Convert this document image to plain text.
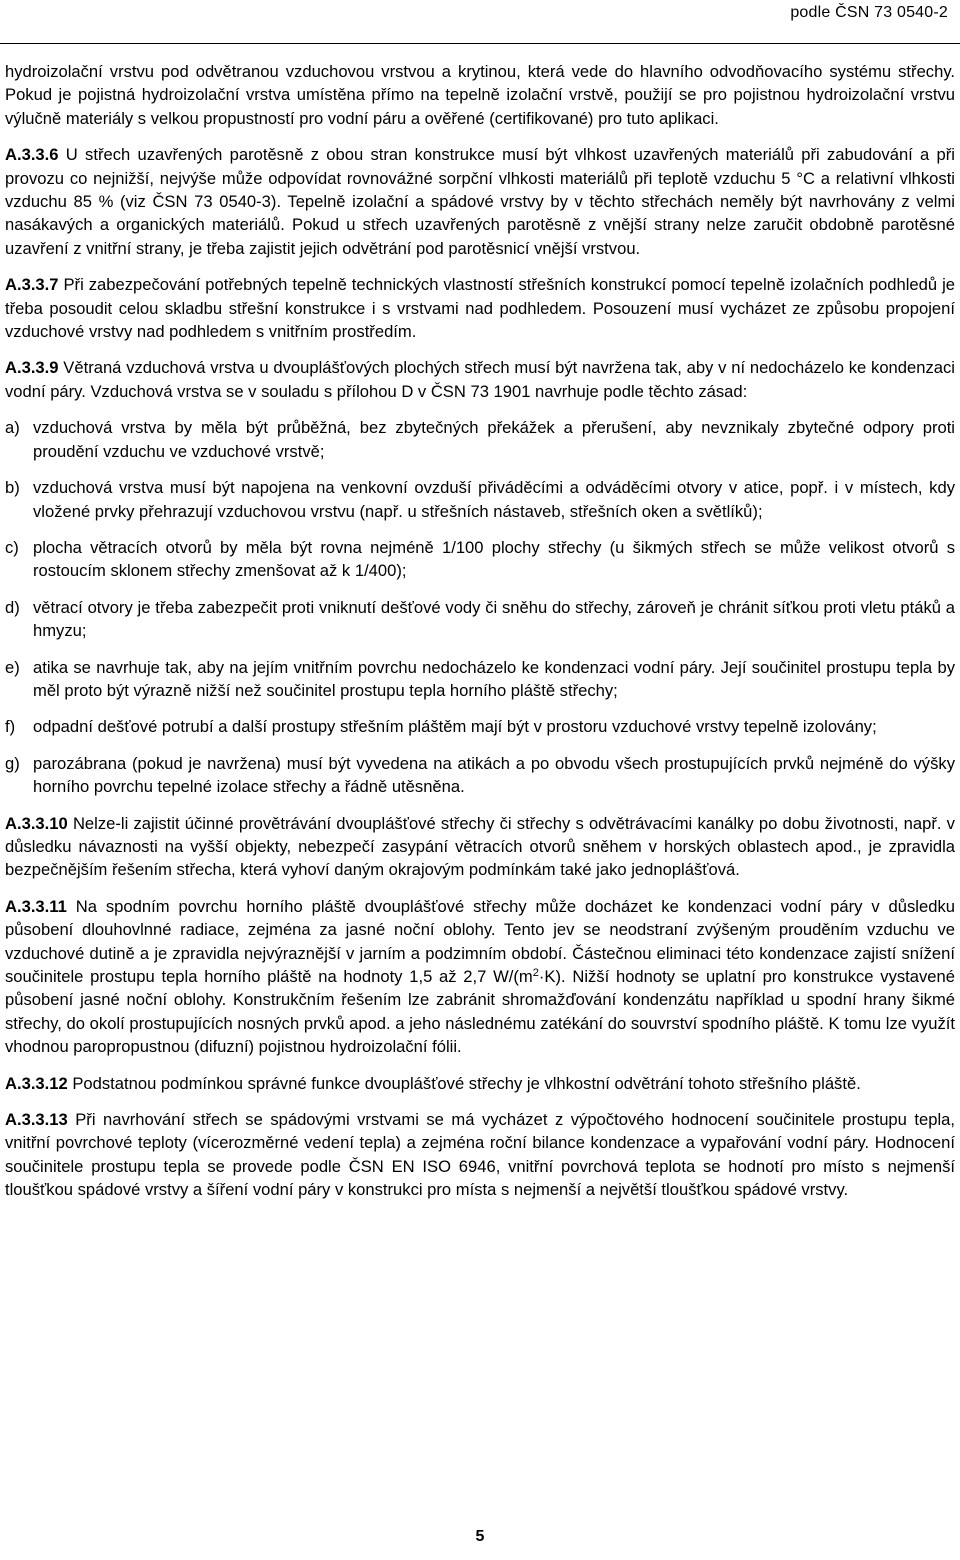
podle ČSN 73 0540-2

hydroizolační vrstvu pod odvětranou vzduchovou vrstvou a krytinou, která vede do hlavního odvodňovacího systému střechy. Pokud je pojistná hydroizolační vrstva umístěna přímo na tepelně izolační vrstvě, použijí se pro pojistnou hydroizolační vrstvu výlučně materiály s velkou propustností pro vodní páru a ověřené (certifikované) pro tuto aplikaci.

A.3.3.6 U střech uzavřených parotěsně z obou stran konstrukce musí být vlhkost uzavřených materiálů při zabudování a při provozu co nejnižší, nejvýše může odpovídat rovnovážné sorpční vlhkosti materiálů při teplotě vzduchu 5 °C a relativní vlhkosti vzduchu 85 % (viz ČSN 73 0540-3). Tepelně izolační a spádové vrstvy by v těchto střechách neměly být navrhovány z velmi nasákavých a organických materiálů. Pokud u střech uzavřených parotěsně z vnější strany nelze zaručit obdobně parotěsné uzavření z vnitřní strany, je třeba zajistit jejich odvětrání pod parotěsnicí vnější vrstvou.

A.3.3.7 Při zabezpečování potřebných tepelně technických vlastností střešních konstrukcí pomocí tepelně izolačních podhledů je třeba posoudit celou skladbu střešní konstrukce i s vrstvami nad podhledem. Posouzení musí vycházet ze způsobu propojení vzduchové vrstvy nad podhledem s vnitřním prostředím.

A.3.3.9 Větraná vzduchová vrstva u dvouplášťových plochých střech musí být navržena tak, aby v ní nedocházelo ke kondenzaci vodní páry. Vzduchová vrstva se v souladu s přílohou D v ČSN 73 1901 navrhuje podle těchto zásad:

a) vzduchová vrstva by měla být průběžná, bez zbytečných překážek a přerušení, aby nevznikaly zbytečné odpory proti proudění vzduchu ve vzduchové vrstvě;
b) vzduchová vrstva musí být napojena na venkovní ovzduší přiváděcími a odváděcími otvory v atice, popř. i v místech, kdy vložené prvky přehrazují vzduchovou vrstvu (např. u střešních nástaveb, střešních oken a světlíků);
c) plocha větracích otvorů by měla být rovna nejméně 1/100 plochy střechy (u šikmých střech se může velikost otvorů s rostoucím sklonem střechy zmenšovat až k 1/400);
d) větrací otvory je třeba zabezpečit proti vniknutí dešťové vody či sněhu do střechy, zároveň je chránit síťkou proti vletu ptáků a hmyzu;
e) atika se navrhuje tak, aby na jejím vnitřním povrchu nedocházelo ke kondenzaci vodní páry. Její součinitel prostupu tepla by měl proto být výrazně nižší než součinitel prostupu tepla horního pláště střechy;
f)	odpadní dešťové potrubí a další prostupy střešním pláštěm mají být v prostoru vzduchové vrstvy tepelně izolovány;
g) parozábrana (pokud je navržena) musí být vyvedena na atikách a po obvodu všech prostupujících prvků nejméně do výšky horního povrchu tepelné izolace střechy a řádně utěsněna.

A.3.3.10 Nelze-li zajistit účinné provětrávání dvouplášťové střechy či střechy s odvětrávacími kanálky po dobu životnosti, např. v důsledku návaznosti na vyšší objekty, nebezpečí zasypání větracích otvorů sněhem v horských oblastech apod., je zpravidla bezpečnějším řešením střecha, která vyhoví daným okrajovým podmínkám také jako jednoplášťová.

A.3.3.11 Na spodním povrchu horního pláště dvouplášťové střechy může docházet ke kondenzaci vodní páry v důsledku působení dlouhovlnné radiace, zejména za jasné noční oblohy. Tento jev se neodstraní zvýšeným prouděním vzduchu ve vzduchové dutině a je zpravidla nejvýraznější v jarním a podzimním období. Částečnou eliminaci této kondenzace zajistí snížení součinitele prostupu tepla horního pláště na hodnoty 1,5 až 2,7 $W/(m^2\cdot K)$. Nižší hodnoty se uplatní pro konstrukce vystavené působení jasné noční oblohy. Konstrukčním řešením lze zabránit shromažďování kondenzátu například u spodní hrany šikmé střechy, do okolí prostupujících nosných prvků apod. a jeho následnému zatékání do souvrství spodního pláště. K tomu lze využít vhodnou paropropustnou (difuzní) pojistnou hydroizolační fólii.

A.3.3.12 Podstatnou podmínkou správné funkce dvouplášťové střechy je vlhkostní odvětrání tohoto střešního pláště.

A.3.3.13 Při navrhování střech se spádovými vrstvami se má vycházet z výpočtového hodnocení součinitele prostupu tepla, vnitřní povrchové teploty (vícerozměrné vedení tepla) a zejména roční bilance kondenzace a vypařování vodní páry. Hodnocení součinitele prostupu tepla se provede podle ČSN EN ISO 6946, vnitřní povrchová teplota se hodnotí pro místo s nejmenší tloušťkou spádové vrstvy a šíření vodní páry v konstrukci pro místa s nejmenší a největší tloušťkou spádové vrstvy.

5
